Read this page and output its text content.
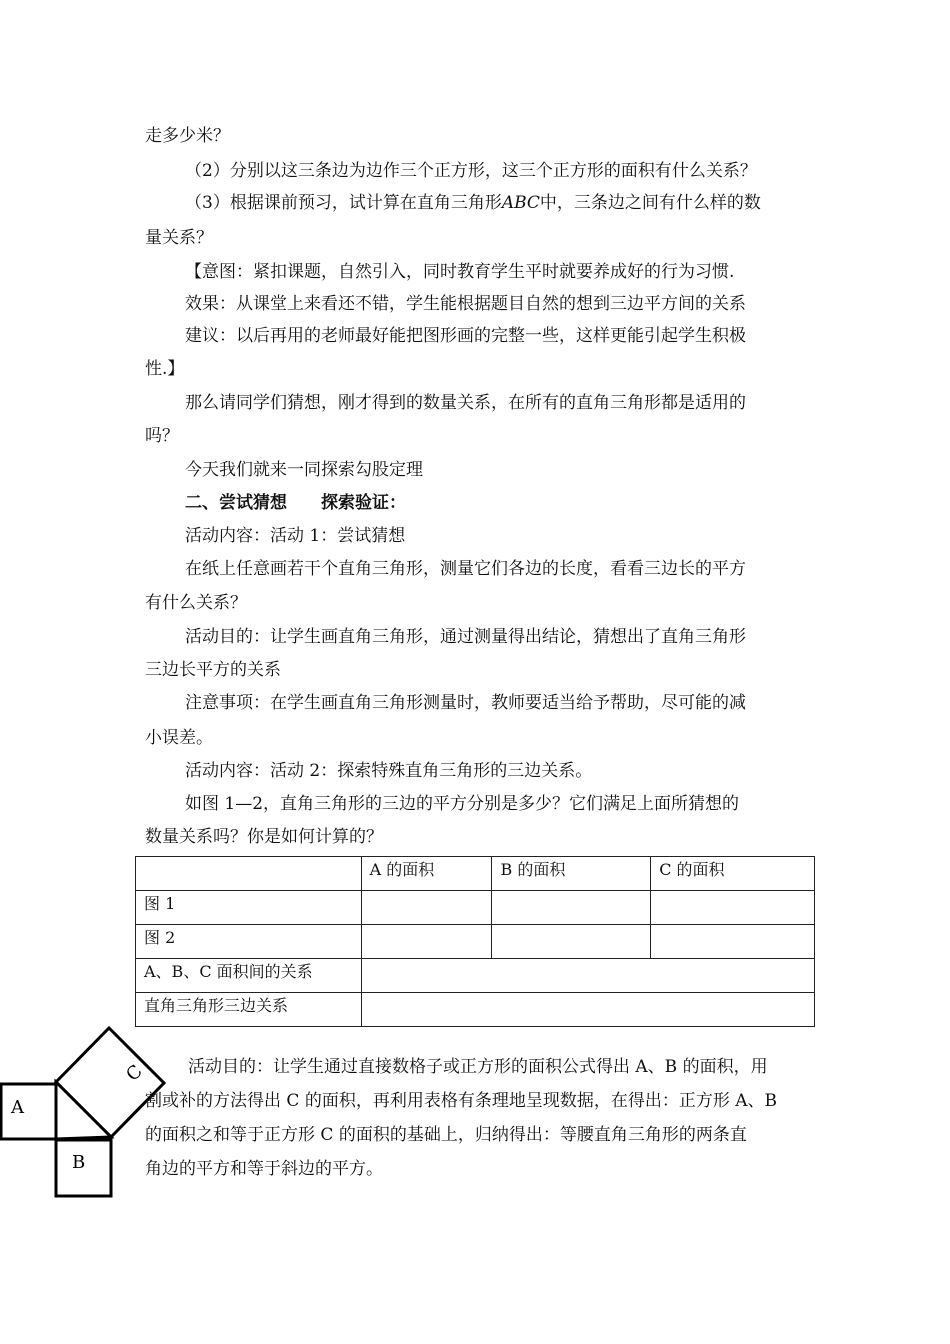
走多少米？
（2）分别以这三条边为边作三个正方形，这三个正方形的面积有什么关系？
（3）根据课前预习，试计算在直角三角形ABC中，三条边之间有什么样的数
量关系？
【意图：紧扣课题，自然引入，同时教育学生平时就要养成好的行为习惯.
效果：从课堂上来看还不错，学生能根据题目自然的想到三边平方间的关系
建议：以后再用的老师最好能把图形画的完整一些，这样更能引起学生积极
性.】
那么请同学们猜想，刚才得到的数量关系，在所有的直角三角形都是适用的
吗？
今天我们就来一同探索勾股定理
二、尝试猜想　　探索验证：
活动内容：活动 1：尝试猜想
在纸上任意画若干个直角三角形，测量它们各边的长度，看看三边长的平方
有什么关系？
活动目的：让学生画直角三角形，通过测量得出结论，猜想出了直角三角形
三边长平方的关系
注意事项：在学生画直角三角形测量时，教师要适当给予帮助，尽可能的减
小误差。
活动内容：活动 2：探索特殊直角三角形的三边关系。
如图 1—2，直角三角形的三边的平方分别是多少？它们满足上面所猜想的
数量关系吗？你是如何计算的？
	A 的面积	B 的面积	C 的面积
图 1			
图 2			
A、B、C 面积间的关系			
直角三角形三边关系			
A
B
C 活动目的：让学生通过直接数格子或正方形的面积公式得出 A、B 的面积，用
割或补的方法得出 C 的面积，再利用表格有条理地呈现数据，在得出：正方形 A、B
的面积之和等于正方形 C 的面积的基础上，归纳得出：等腰直角三角形的两条直
角边的平方和等于斜边的平方。
